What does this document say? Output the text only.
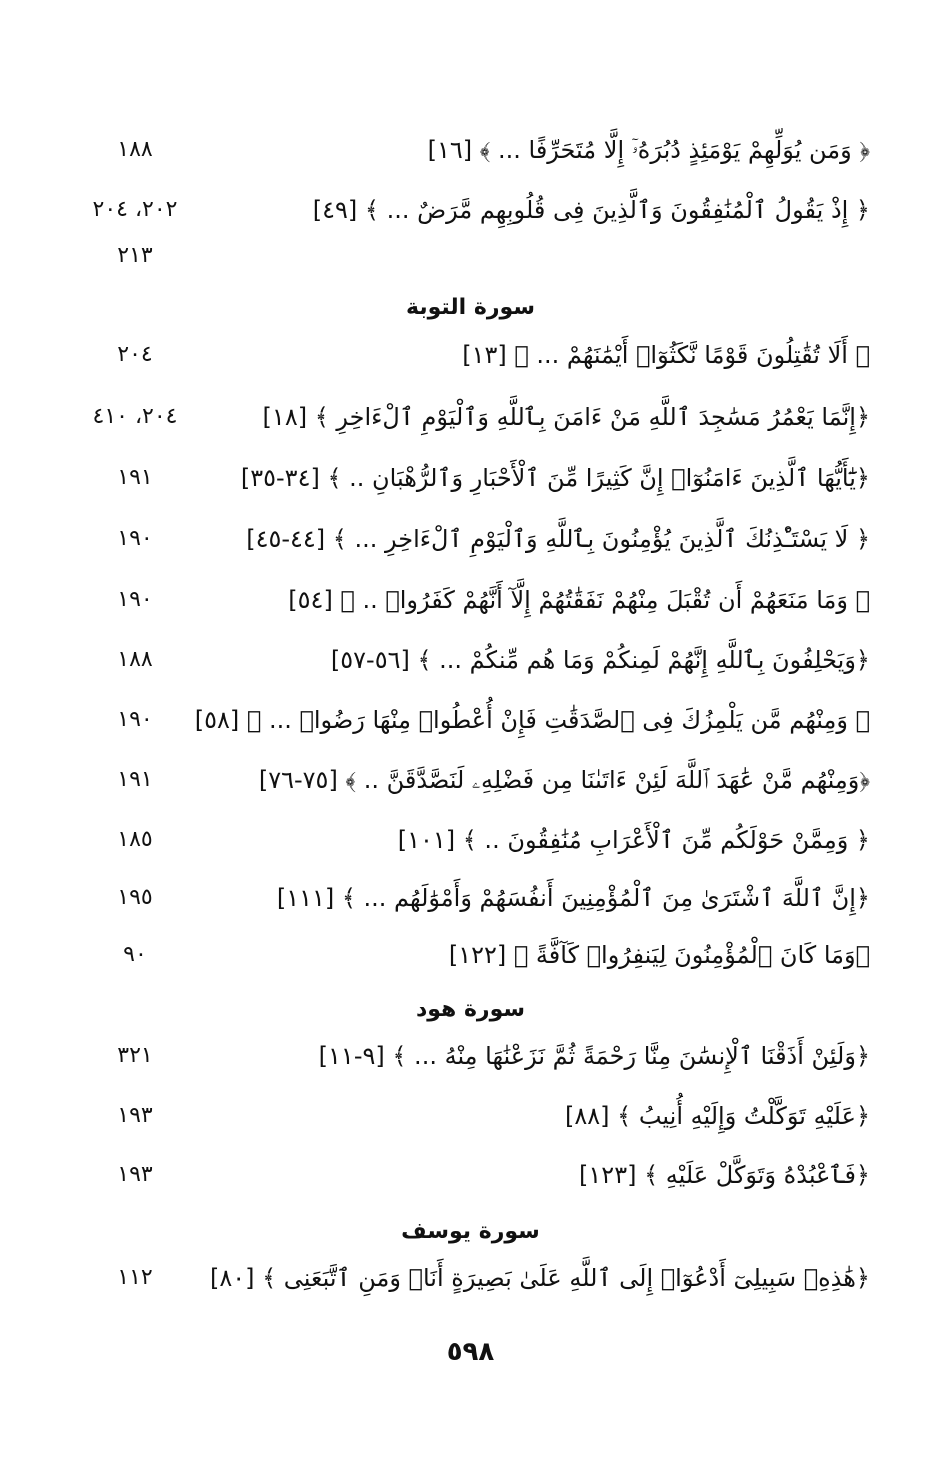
﴿ وَمَن يُوَلِّهِمْ يَوْمَئِذٍ دُبُرَهُۥٓ إِلَّا مُتَحَرِّفًا ... ﴾ [١٦]
١٨٨
﴿ إِذْ يَقُولُ ٱلْمُنَٰفِقُونَ وَٱلَّذِينَ فِى قُلُوبِهِم مَّرَضٌ ... ﴾ [٤٩]
٢٠٢، ٢٠٤
٢١٣
سورة التوبة
﴿ أَلَا تُقَٰتِلُونَ قَوْمًا نَّكَثُوٓا۟ أَيْمَٰنَهُمْ ... ﴾ [١٣]
٢٠٤
﴿إِنَّمَا يَعْمُرُ مَسَٰجِدَ ٱللَّهِ مَنْ ءَامَنَ بِٱللَّهِ وَٱلْيَوْمِ ٱلْءَاخِرِ ﴾ [١٨]
٢٠٤، ٤١٠
﴿يَٰٓأَيُّهَا ٱلَّذِينَ ءَامَنُوٓا۟ إِنَّ كَثِيرًا مِّنَ ٱلْأَحْبَارِ وَٱلرُّهْبَانِ .. ﴾ [٣٤-٣٥]
١٩١
﴿ لَا يَسْتَـْٔذِنُكَ ٱلَّذِينَ يُؤْمِنُونَ بِٱللَّهِ وَٱلْيَوْمِ ٱلْءَاخِرِ ... ﴾ [٤٤-٤٥]
١٩٠
﴿ وَمَا مَنَعَهُمْ أَن تُقْبَلَ مِنْهُمْ نَفَقَٰتُهُمْ إِلَّآ أَنَّهُمْ كَفَرُوا۟ .. ﴾ [٥٤]
١٩٠
﴿وَيَحْلِفُونَ بِٱللَّهِ إِنَّهُمْ لَمِنكُمْ وَمَا هُم مِّنكُمْ ... ﴾ [٥٦-٥٧]
١٨٨
﴿ وَمِنْهُم مَّن يَلْمِزُكَ فِى ٱلصَّدَقَٰتِ فَإِنْ أُعْطُوا۟ مِنْهَا رَضُوا۟ ... ﴾ [٥٨]
١٩٠
﴿وَمِنْهُم مَّنْ عَٰهَدَ ٱللَّهَ لَئِنْ ءَاتَىٰنَا مِن فَضْلِهِۦ لَنَصَّدَّقَنَّ .. ﴾ [٧٥-٧٦]
١٩١
﴿ وَمِمَّنْ حَوْلَكُم مِّنَ ٱلْأَعْرَابِ مُنَٰفِقُونَ .. ﴾ [١٠١]
١٨٥
﴿إِنَّ ٱللَّهَ ٱشْتَرَىٰ مِنَ ٱلْمُؤْمِنِينَ أَنفُسَهُمْ وَأَمْوَٰلَهُم ... ﴾ [١١١]
١٩٥
﴿وَمَا كَانَ ٱلْمُؤْمِنُونَ لِيَنفِرُوا۟ كَآفَّةً ﴾ [١٢٢]
٩٠
سورة هود
﴿وَلَئِنْ أَذَقْنَا ٱلْإِنسَٰنَ مِنَّا رَحْمَةً ثُمَّ نَزَعْنَٰهَا مِنْهُ ... ﴾ [٩-١١]
٣٢١
﴿عَلَيْهِ تَوَكَّلْتُ وَإِلَيْهِ أُنِيبُ ﴾ [٨٨]
١٩٣
﴿فَٱعْبُدْهُ وَتَوَكَّلْ عَلَيْهِ ﴾ [١٢٣]
١٩٣
سورة يوسف
﴿هَٰذِهِۦ سَبِيلِىٓ أَدْعُوٓا۟ إِلَى ٱللَّهِ عَلَىٰ بَصِيرَةٍ أَنَا۠ وَمَنِ ٱتَّبَعَنِى ﴾ [٨٠]
١١٢
٥٩٨
